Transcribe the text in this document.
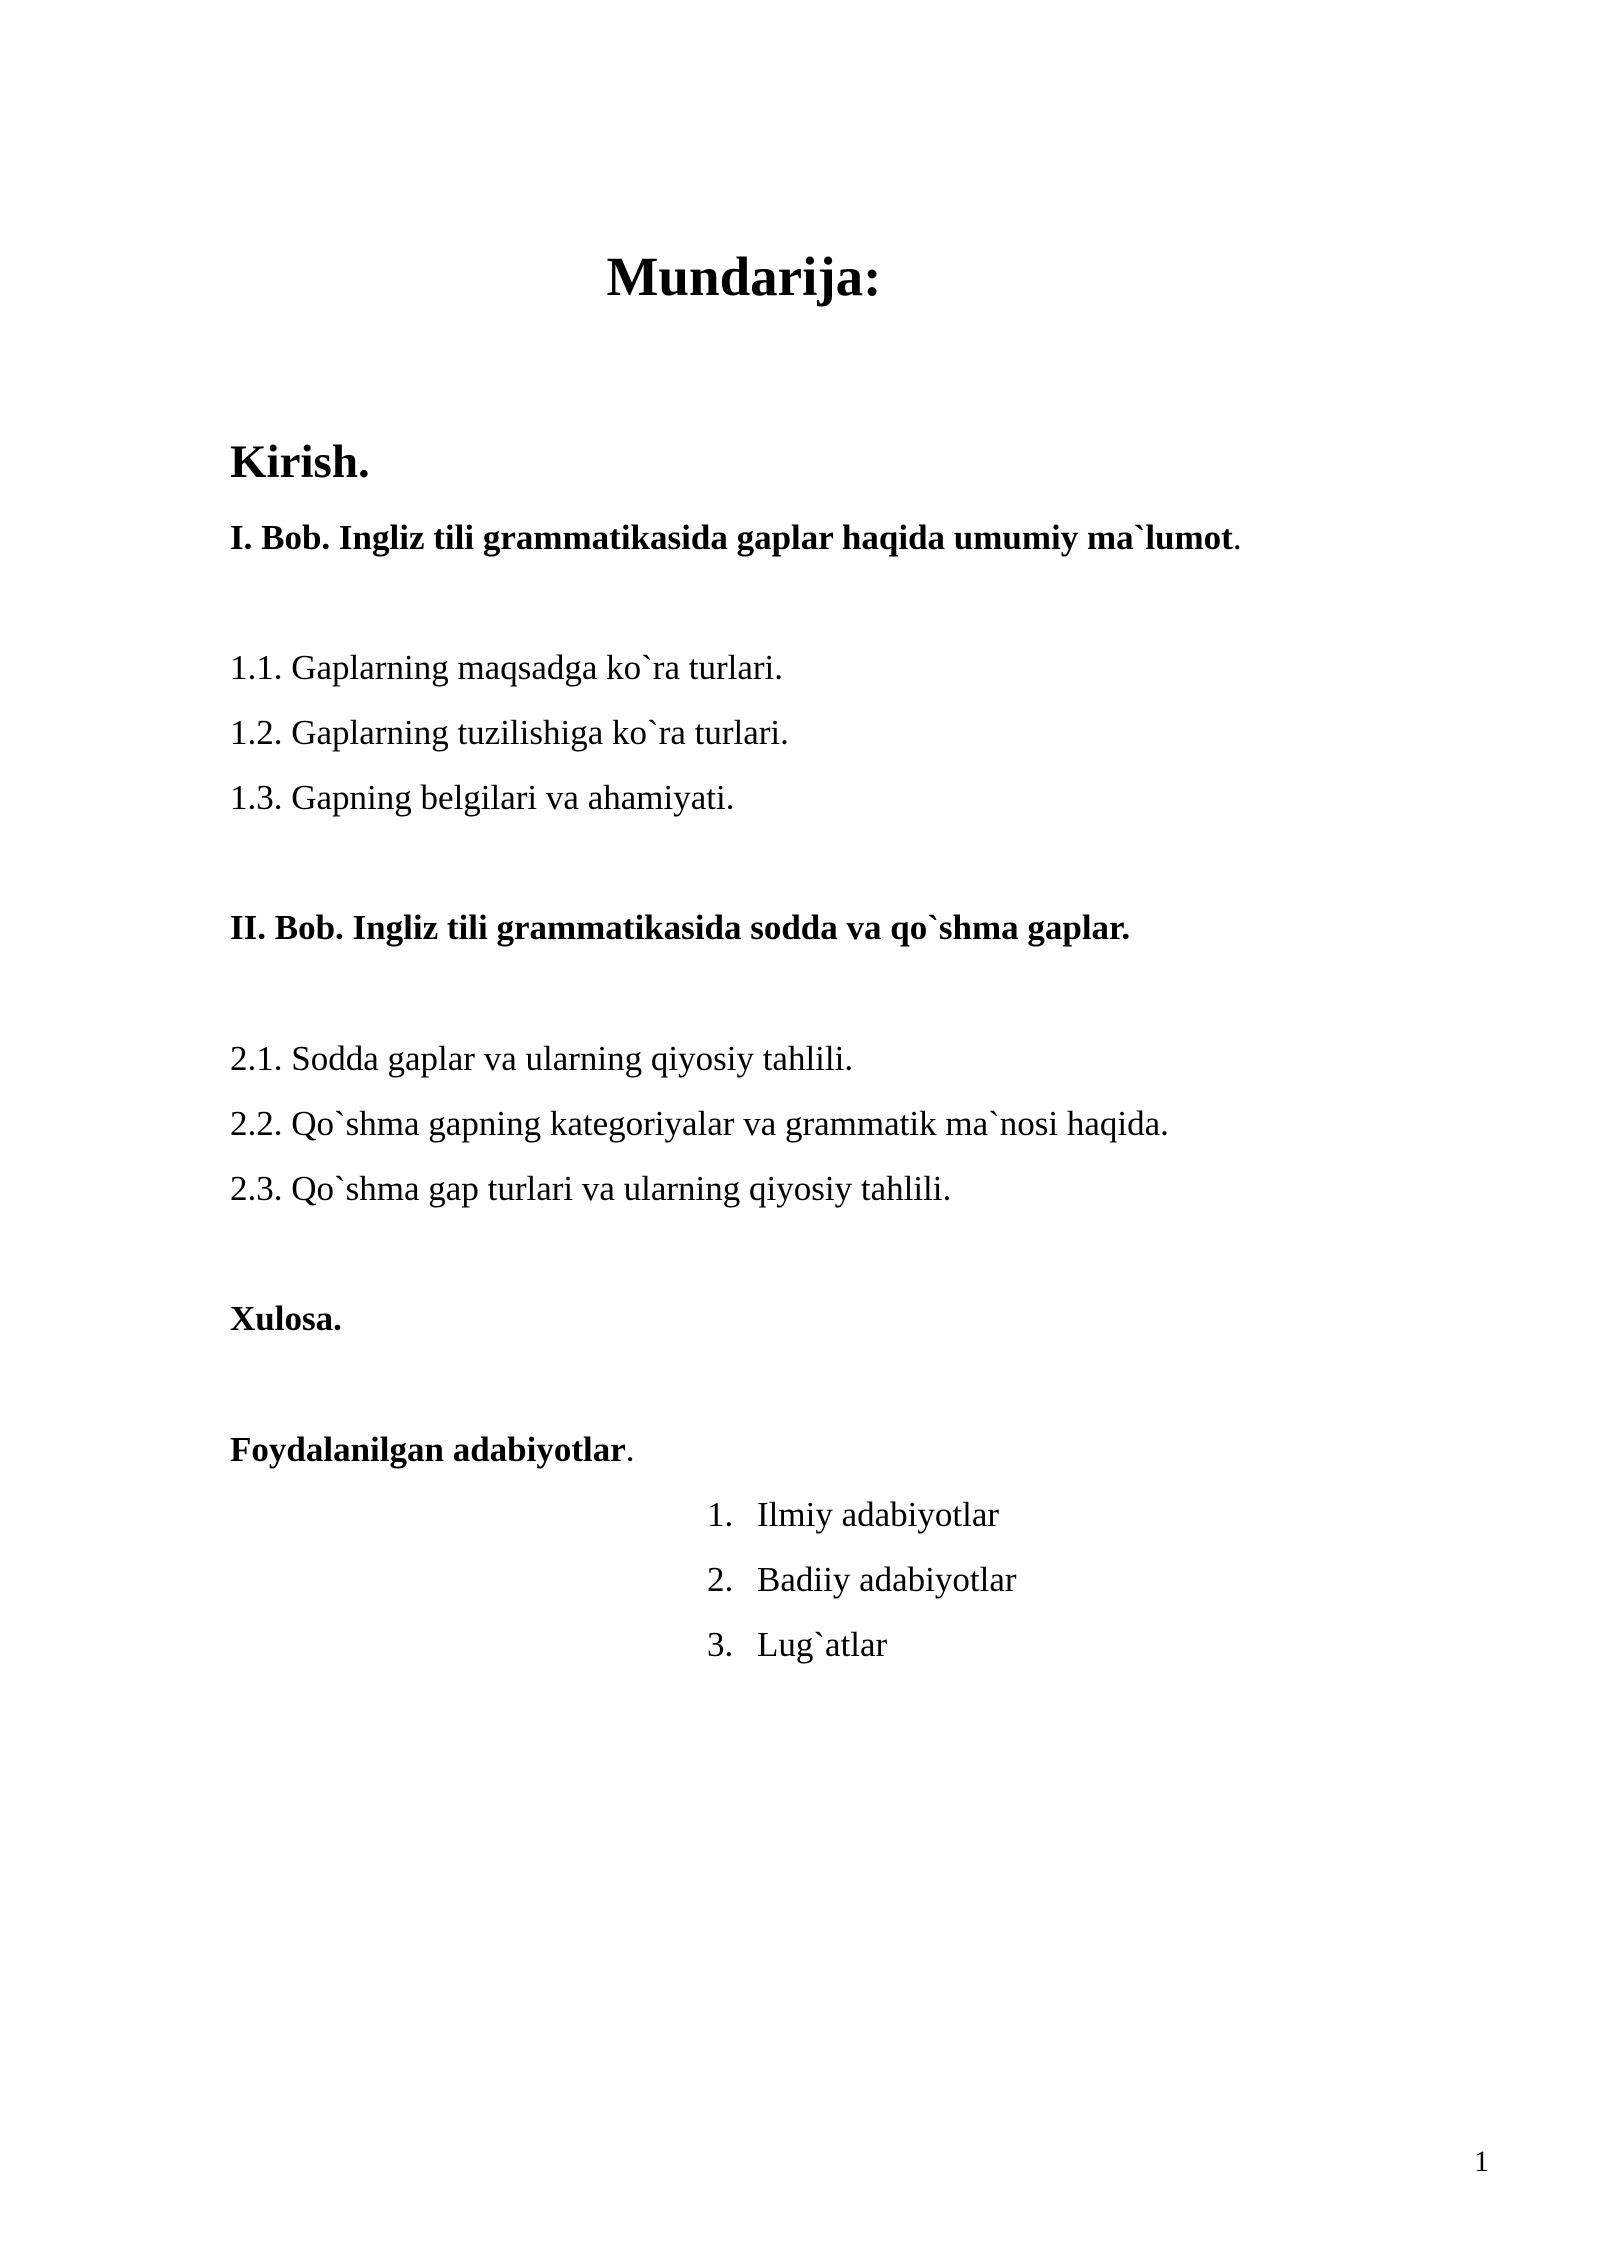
Mundarija:
Kirish.
I. Bob. Ingliz tili grammatikasida gaplar haqida umumiy ma`lumot.
1.1. Gaplarning maqsadga ko`ra turlari.
1.2. Gaplarning tuzilishiga ko`ra turlari.
1.3. Gapning belgilari va ahamiyati.
II. Bob. Ingliz tili grammatikasida sodda va qo`shma gaplar.
2.1. Sodda gaplar va ularning qiyosiy tahlili.
2.2. Qo`shma gapning kategoriyalar va grammatik ma`nosi haqida.
2.3. Qo`shma gap turlari va ularning qiyosiy tahlili.
Xulosa.
Foydalanilgan adabiyotlar.
1. Ilmiy adabiyotlar
2. Badiiy adabiyotlar
3. Lug`atlar
1
